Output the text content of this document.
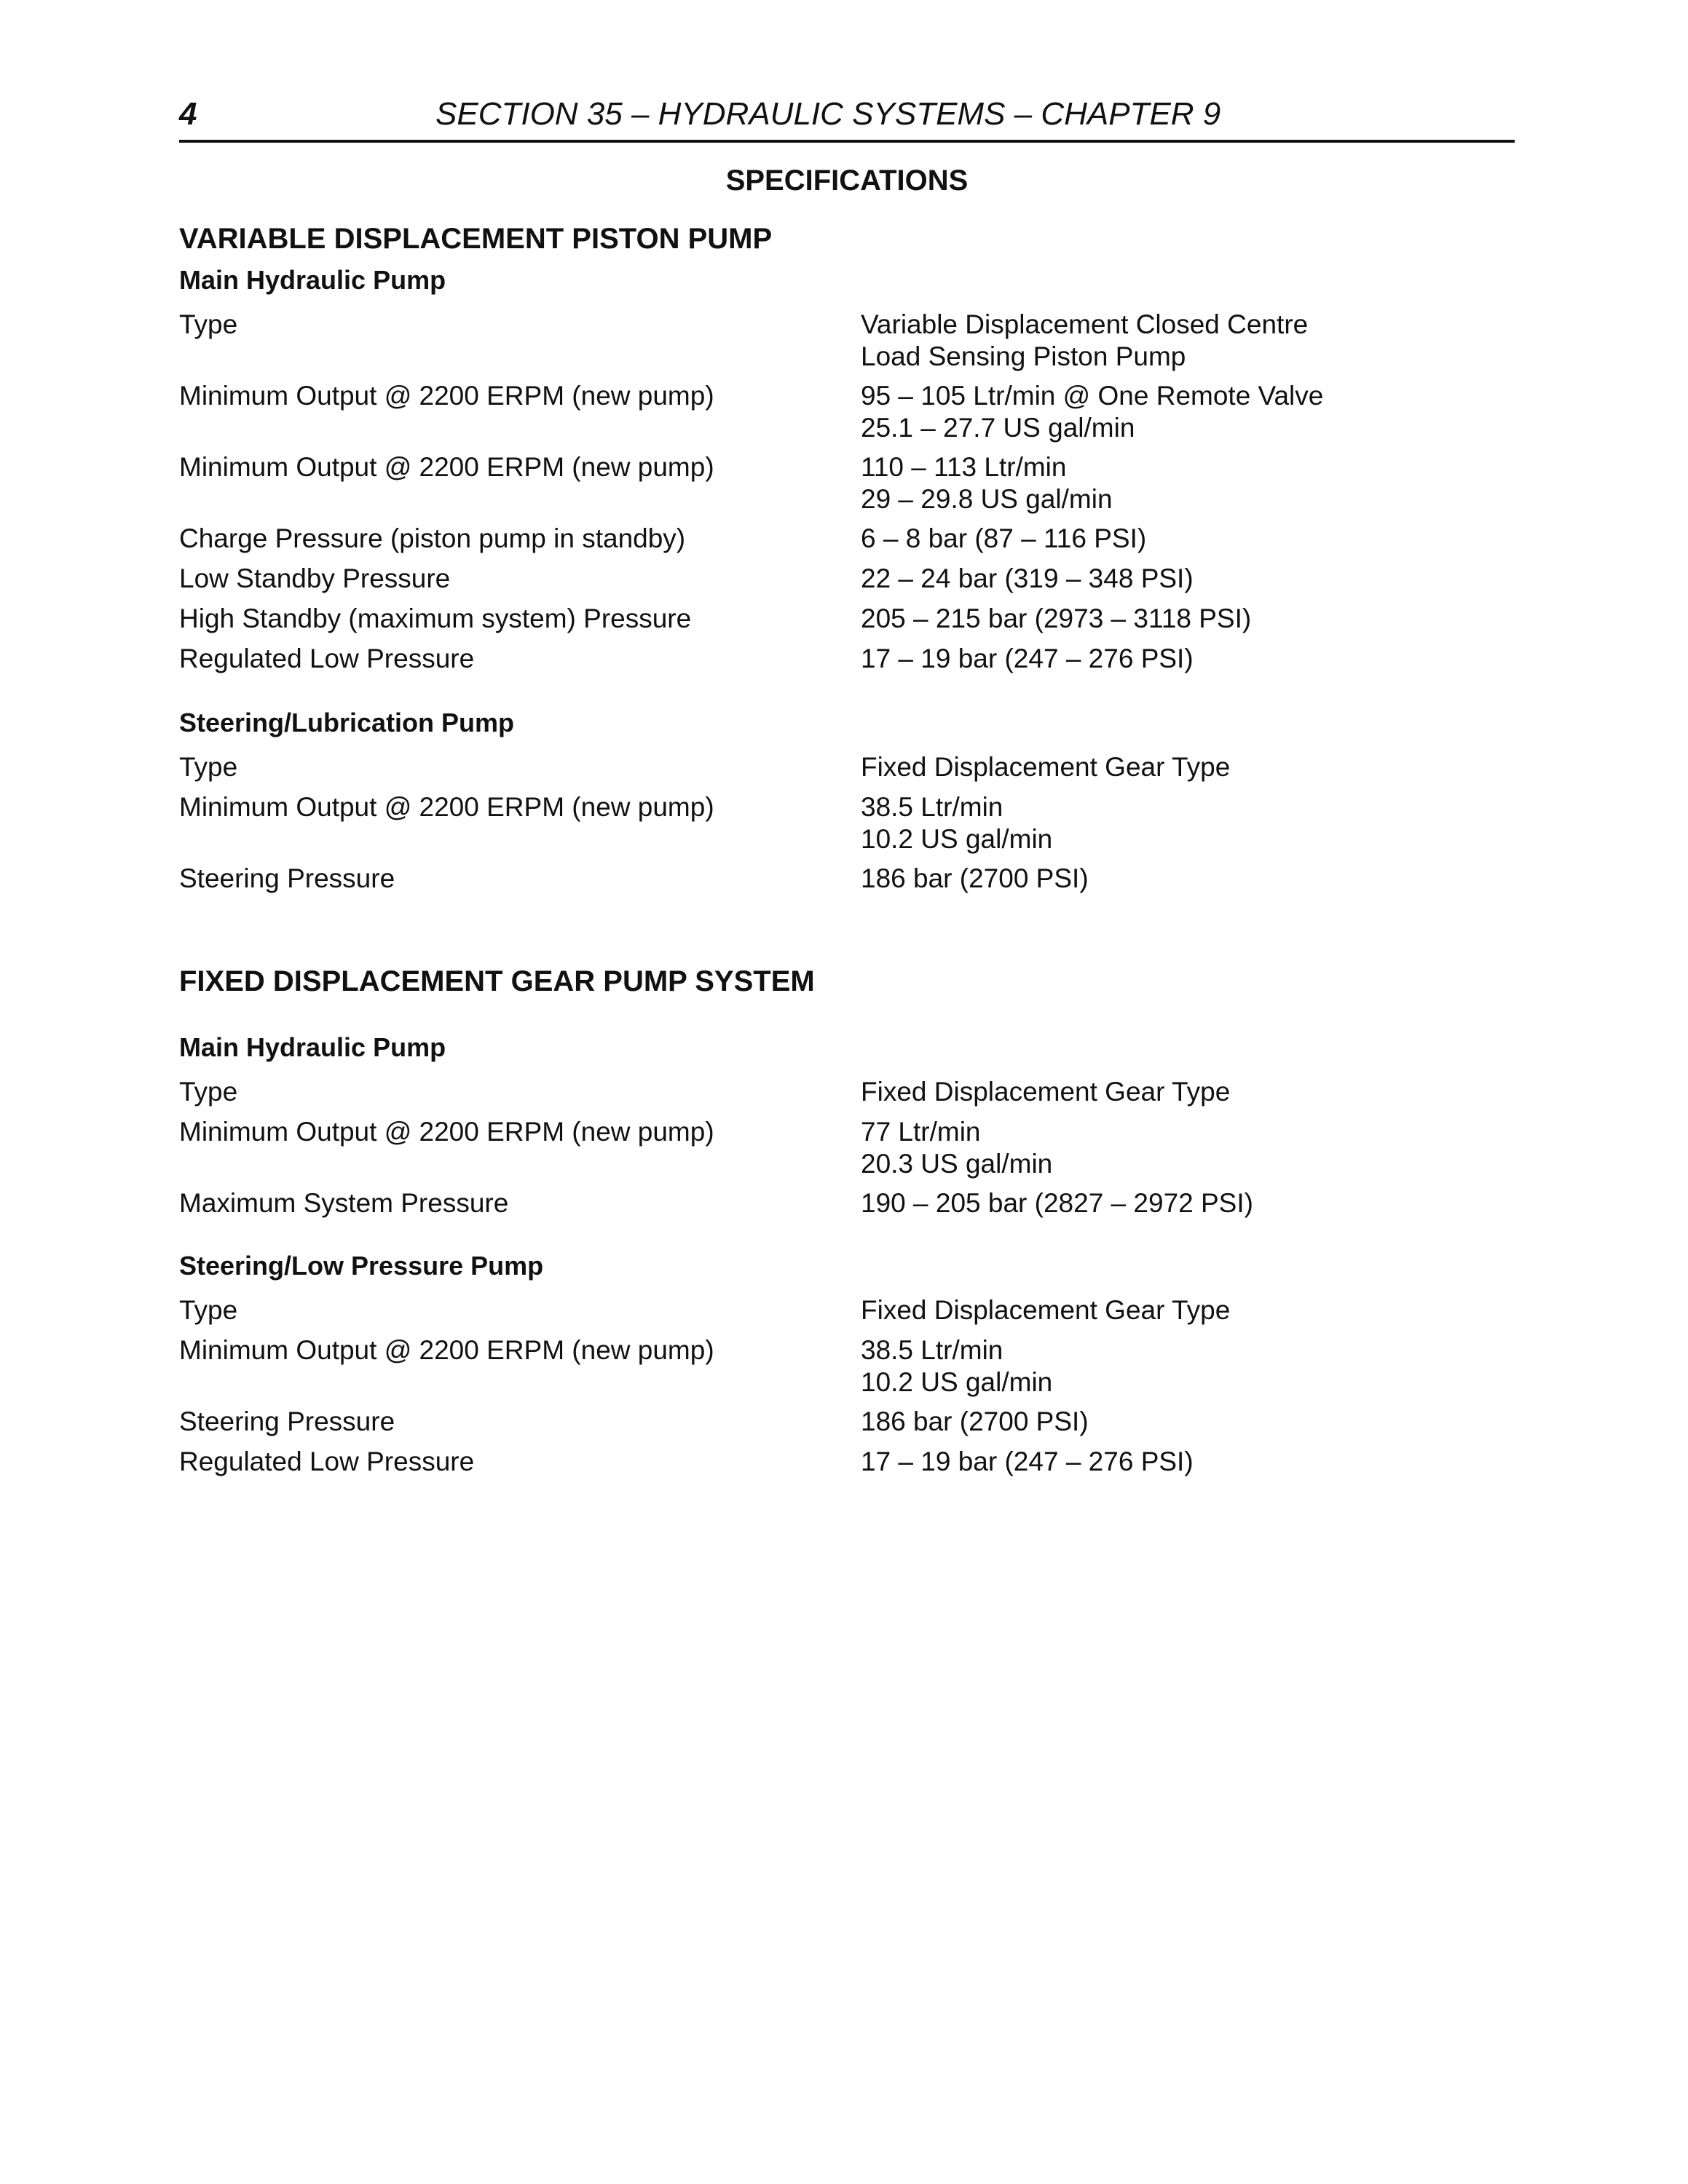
4	SECTION 35 – HYDRAULIC SYSTEMS – CHAPTER 9
SPECIFICATIONS
VARIABLE DISPLACEMENT PISTON PUMP
Main Hydraulic Pump
Type	Variable Displacement Closed Centre
Load Sensing Piston Pump
Minimum Output @ 2200 ERPM (new pump)	95 – 105 Ltr/min @ One Remote Valve
25.1 – 27.7 US gal/min
Minimum Output @ 2200 ERPM (new pump)	110 – 113 Ltr/min
29 – 29.8 US gal/min
Charge Pressure (piston pump in standby)	6 – 8 bar (87 – 116 PSI)
Low Standby Pressure	22 – 24 bar (319 – 348 PSI)
High Standby (maximum system) Pressure	205 – 215 bar (2973 – 3118 PSI)
Regulated Low Pressure	17 – 19 bar (247 – 276 PSI)
Steering/Lubrication Pump
Type	Fixed Displacement Gear Type
Minimum Output @ 2200 ERPM (new pump)	38.5 Ltr/min
10.2 US gal/min
Steering Pressure	186 bar (2700 PSI)
FIXED DISPLACEMENT GEAR PUMP SYSTEM
Main Hydraulic Pump
Type	Fixed Displacement Gear Type
Minimum Output @ 2200 ERPM (new pump)	77 Ltr/min
20.3 US gal/min
Maximum System Pressure	190 – 205 bar (2827 – 2972 PSI)
Steering/Low Pressure Pump
Type	Fixed Displacement Gear Type
Minimum Output @ 2200 ERPM (new pump)	38.5 Ltr/min
10.2 US gal/min
Steering Pressure	186 bar (2700 PSI)
Regulated Low Pressure	17 – 19 bar (247 – 276 PSI)
